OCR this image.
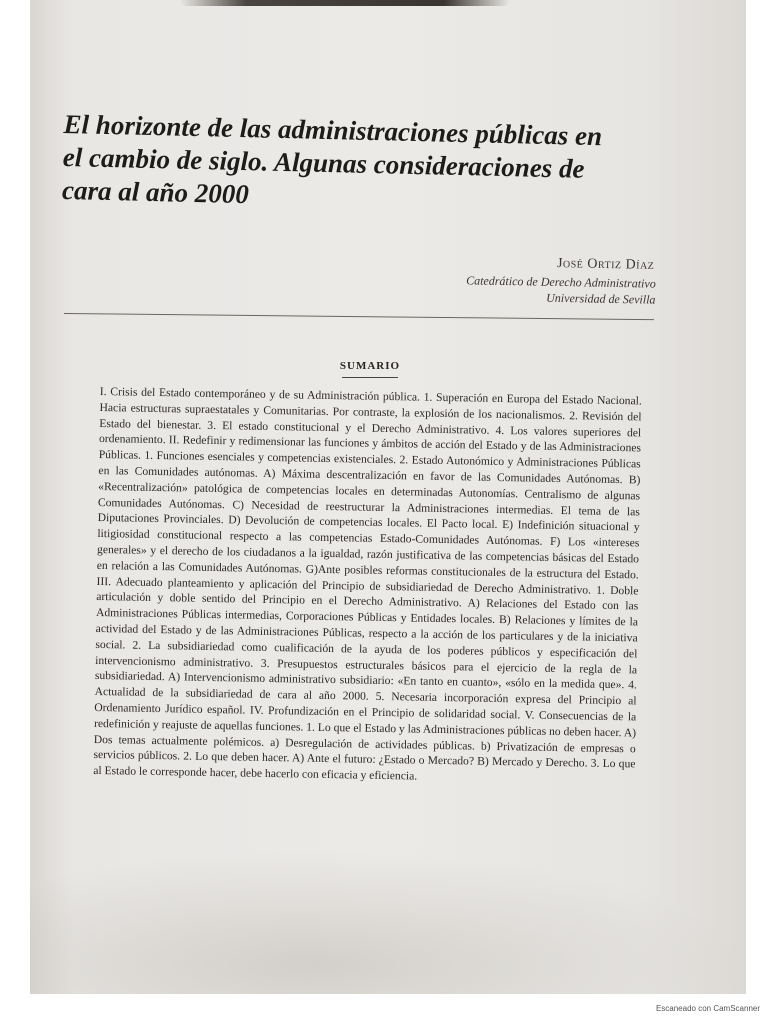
El horizonte de las administraciones públicas en el cambio de siglo. Algunas consideraciones de cara al año 2000
José Ortiz Díaz
Catedrático de Derecho Administrativo
Universidad de Sevilla
SUMARIO

I. Crisis del Estado contemporáneo y de su Administración pública. 1. Superación en Europa del Estado Nacional. Hacia estructuras supraestatales y Comunitarias. Por contraste, la explosión de los nacionalismos. 2. Revisión del Estado del bienestar. 3. El estado constitucional y el Derecho Administrativo. 4. Los valores superiores del ordenamiento. II. Redefinir y redimensionar las funciones y ámbitos de acción del Estado y de las Administraciones Públicas. 1. Funciones esenciales y competencias existenciales. 2. Estado Autonómico y Administraciones Públicas en las Comunidades autónomas. A) Máxima descentralización en favor de las Comunidades Autónomas. B) «Recentralización» patológica de competencias locales en determinadas Autonomías. Centralismo de algunas Comunidades Autónomas. C) Necesidad de reestructurar la Administraciones intermedias. El tema de las Diputaciones Provinciales. D) Devolución de competencias locales. El Pacto local. E) Indefinición situacional y litigiosidad constitucional respecto a las competencias Estado-Comunidades Autónomas. F) Los «intereses generales» y el derecho de los ciudadanos a la igualdad, razón justificativa de las competencias básicas del Estado en relación a las Comunidades Autónomas. G)Ante posibles reformas constitucionales de la estructura del Estado. III. Adecuado planteamiento y aplicación del Principio de subsidiariedad de Derecho Administrativo. 1. Doble articulación y doble sentido del Principio en el Derecho Administrativo. A) Relaciones del Estado con las Administraciones Públicas intermedias, Corporaciones Públicas y Entidades locales. B) Relaciones y límites de la actividad del Estado y de las Administraciones Públicas, respecto a la acción de los particulares y de la iniciativa social. 2. La subsidiariedad como cualificación de la ayuda de los poderes públicos y especificación del intervencionismo administrativo. 3. Presupuestos estructurales básicos para el ejercicio de la regla de la subsidiariedad. A) Intervencionismo administrativo subsidiario: «En tanto en cuanto», «sólo en la medida que». 4. Actualidad de la subsidiariedad de cara al año 2000. 5. Necesaria incorporación expresa del Principio al Ordenamiento Jurídico español. IV. Profundización en el Principio de solidaridad social. V. Consecuencias de la redefinición y reajuste de aquellas funciones. 1. Lo que el Estado y las Administraciones públicas no deben hacer. A) Dos temas actualmente polémicos. a) Desregulación de actividades públicas. b) Privatización de empresas o servicios públicos. 2. Lo que deben hacer. A) Ante el futuro: ¿Estado o Mercado? B) Mercado y Derecho. 3. Lo que al Estado le corresponde hacer, debe hacerlo con eficacia y eficiencia.

Escaneado con CamScanner
